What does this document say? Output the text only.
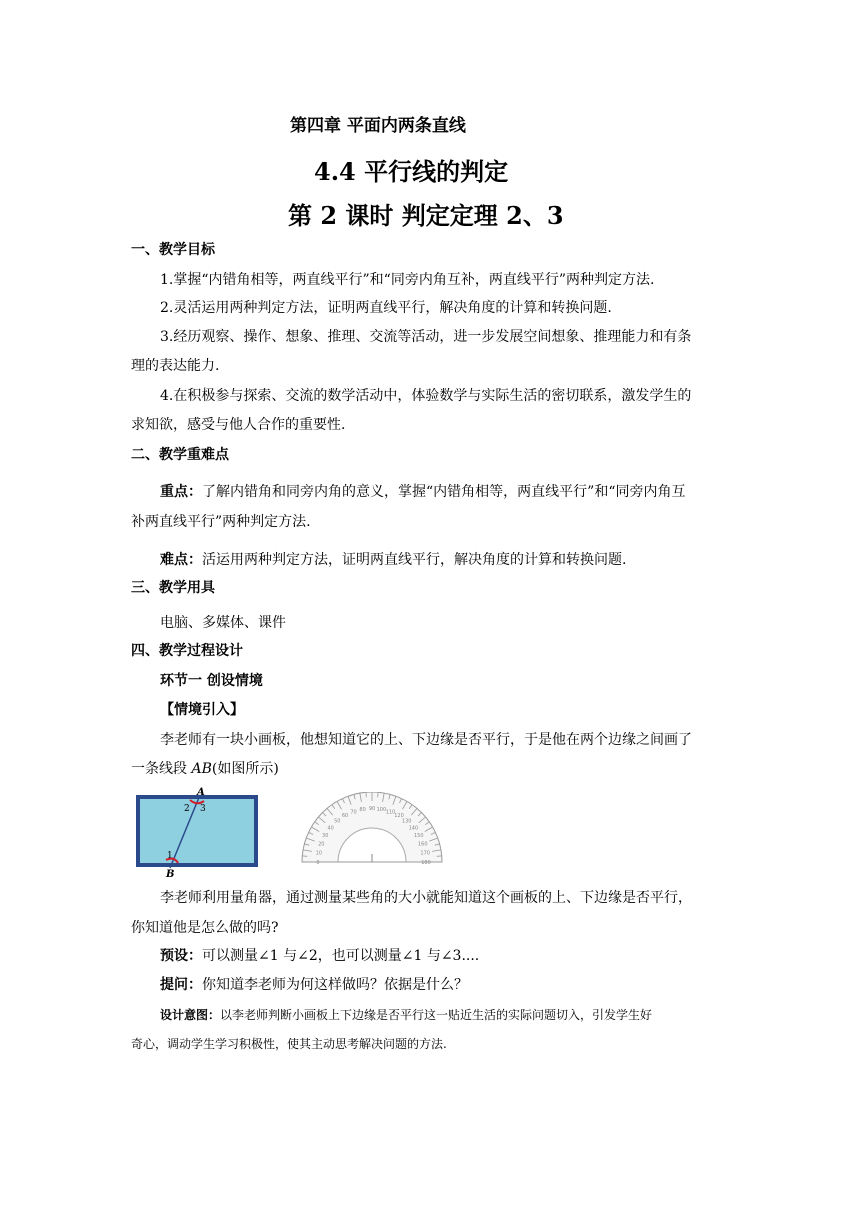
第四章 平面内两条直线
4.4 平行线的判定
第 2 课时 判定定理 2、3
一、教学目标
1.掌握“内错角相等，两直线平行”和“同旁内角互补，两直线平行”两种判定方法.
2.灵活运用两种判定方法，证明两直线平行，解决角度的计算和转换问题.
3.经历观察、操作、想象、推理、交流等活动，进一步发展空间想象、推理能力和有条
理的表达能力.
4.在积极参与探索、交流的数学活动中，体验数学与实际生活的密切联系，激发学生的
求知欲，感受与他人合作的重要性.
二、教学重难点
重点：了解内错角和同旁内角的意义，掌握“内错角相等，两直线平行”和“同旁内角互
补两直线平行”两种判定方法.
难点：活运用两种判定方法，证明两直线平行，解决角度的计算和转换问题.
三、教学用具
电脑、多媒体、课件
四、教学过程设计
环节一 创设情境
【情境引入】
李老师有一块小画板，他想知道它的上、下边缘是否平行，于是他在两个边缘之间画了
一条线段 AB(如图所示)
A
B
2 3
1
0
10
20
30
40
50
60
70 80 90 100 110
120
130
140
150
160
170
180
李老师利用量角器，通过测量某些角的大小就能知道这个画板的上、下边缘是否平行，
你知道他是怎么做的吗?
预设：可以测量∠1 与∠2，也可以测量∠1 与∠3....
提问：你知道李老师为何这样做吗？依据是什么？
设计意图：以李老师判断小画板上下边缘是否平行这一贴近生活的实际问题切入，引发学生好
奇心，调动学生学习积极性，使其主动思考解决问题的方法.
